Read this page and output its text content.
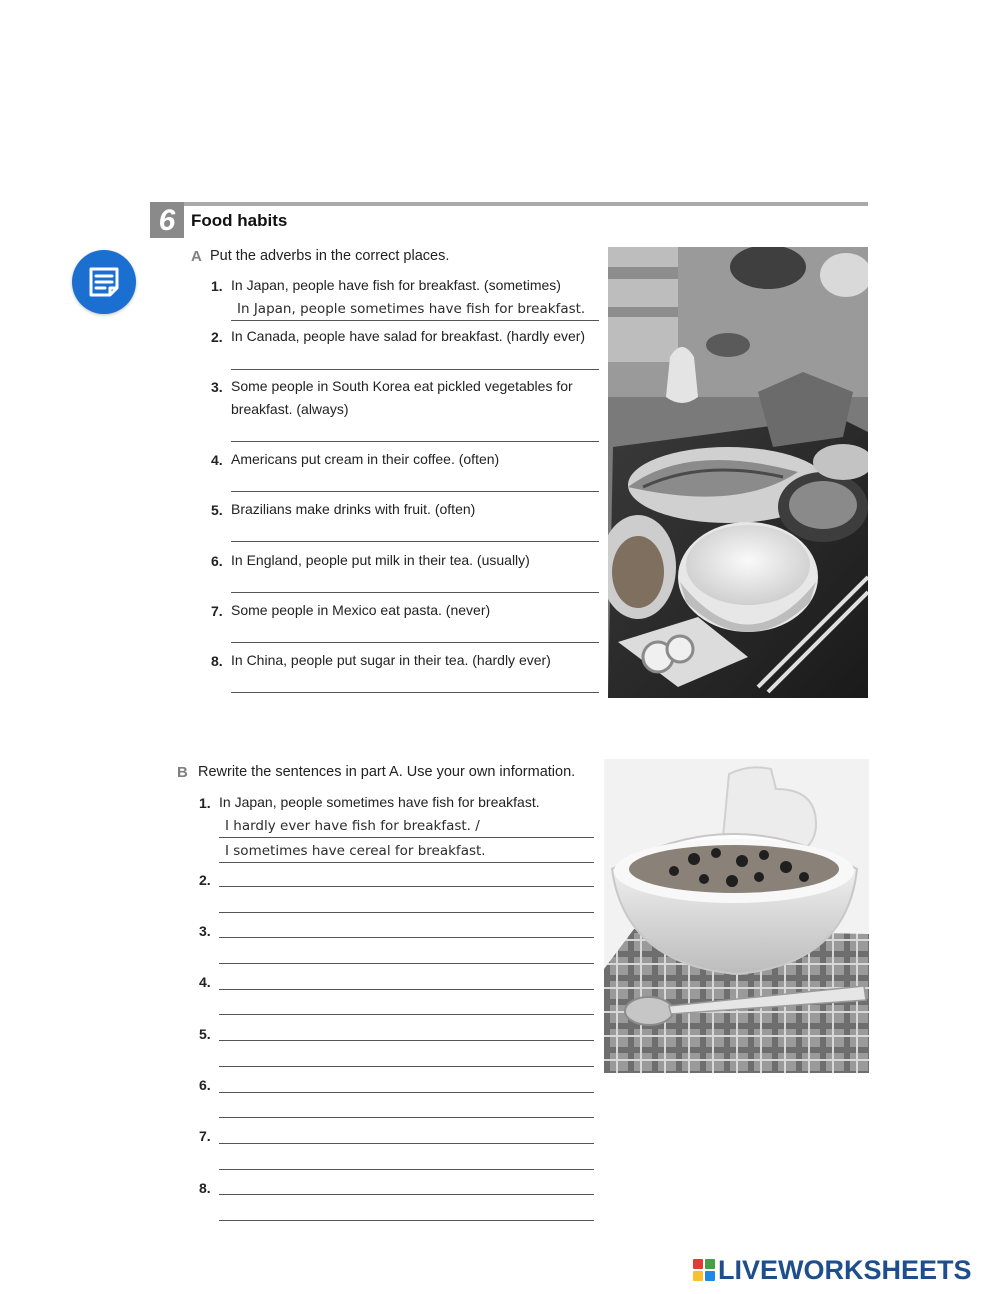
6 Food habits
A Put the adverbs in the correct places.
1. In Japan, people have fish for breakfast. (sometimes)
In Japan, people sometimes have fish for breakfast.
2. In Canada, people have salad for breakfast. (hardly ever)
3. Some people in South Korea eat pickled vegetables for
breakfast. (always)
4. Americans put cream in their coffee. (often)
5. Brazilians make drinks with fruit. (often)
6. In England, people put milk in their tea. (usually)
7. Some people in Mexico eat pasta. (never)
8. In China, people put sugar in their tea. (hardly ever)
B Rewrite the sentences in part A. Use your own information.
1. In Japan, people sometimes have fish for breakfast.
I hardly ever have fish for breakfast. /
I sometimes have cereal for breakfast.
2.
3.
4.
5.
6.
7.
8.
LIVEWORKSHEETS
